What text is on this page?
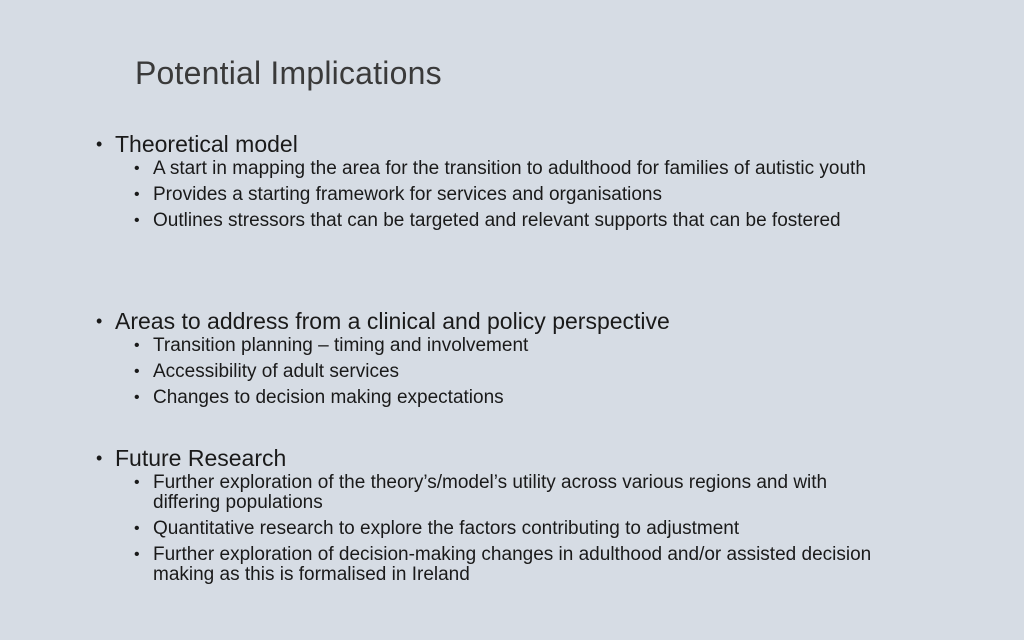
Potential Implications
• Theoretical model
• A start in mapping the area for the transition to adulthood for families of autistic youth
• Provides a starting framework for services and organisations
• Outlines stressors that can be targeted and relevant supports that can be fostered
• Areas to address from a clinical and policy perspective
• Transition planning – timing and involvement
• Accessibility of adult services
• Changes to decision making expectations
• Future Research
• Further exploration of the theory’s/model’s utility across various regions and with differing populations
• Quantitative research to explore the factors contributing to adjustment
• Further exploration of decision-making changes in adulthood and/or assisted decision making as this is formalised in Ireland
